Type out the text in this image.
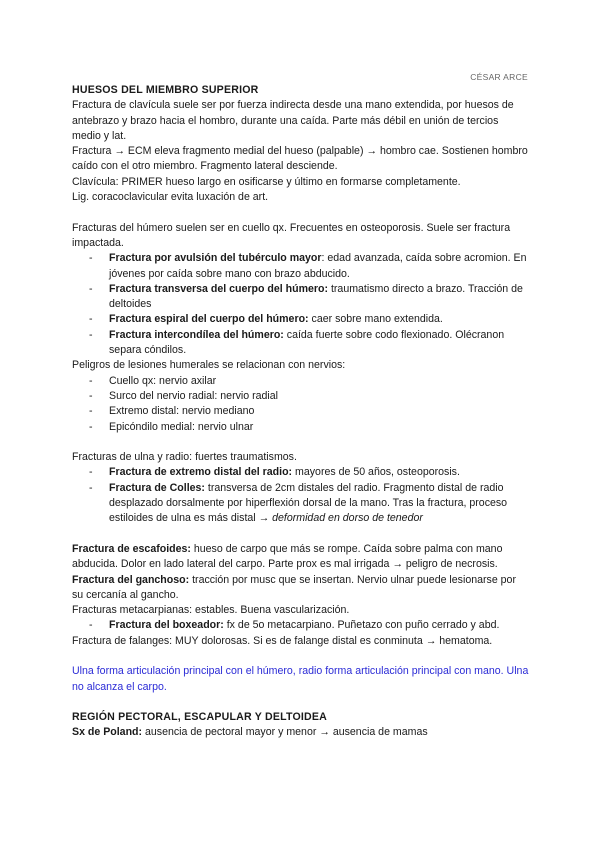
CÉSAR ARCE

HUESOS DEL MIEMBRO SUPERIOR

Fractura de clavícula suele ser por fuerza indirecta desde una mano extendida, por huesos de antebrazo y brazo hacia el hombro, durante una caída. Parte más débil en unión de tercios medio y lat.

Fractura → ECM eleva fragmento medial del hueso (palpable) → hombro cae. Sostienen hombro caído con el otro miembro. Fragmento lateral desciende.

Clavícula: PRIMER hueso largo en osificarse y último en formarse completamente.

Lig. coracoclavicular evita luxación de art.

Fracturas del húmero suelen ser en cuello qx. Frecuentes en osteoporosis. Suele ser fractura impactada.

- Fractura por avulsión del tubérculo mayor: edad avanzada, caída sobre acromion. En jóvenes por caída sobre mano con brazo abducido.
- Fractura transversa del cuerpo del húmero: traumatismo directo a brazo. Tracción de deltoides
- Fractura espiral del cuerpo del húmero: caer sobre mano extendida.
- Fractura intercondílea del húmero: caída fuerte sobre codo flexionado. Olécranon separa cóndilos.

Peligros de lesiones humerales se relacionan con nervios:

- Cuello qx: nervio axilar
- Surco del nervio radial: nervio radial
- Extremo distal: nervio mediano
- Epicóndilo medial: nervio ulnar

Fracturas de ulna y radio: fuertes traumatismos.

- Fractura de extremo distal del radio: mayores de 50 años, osteoporosis.
- Fractura de Colles: transversa de 2cm distales del radio. Fragmento distal de radio desplazado dorsalmente por hiperflexión dorsal de la mano. Tras la fractura, proceso estiloides de ulna es más distal → deformidad en dorso de tenedor

Fractura de escafoides: hueso de carpo que más se rompe. Caída sobre palma con mano abducida. Dolor en lado lateral del carpo. Parte prox es mal irrigada → peligro de necrosis.

Fractura del ganchoso: tracción por musc que se insertan. Nervio ulnar puede lesionarse por su cercanía al gancho.

Fracturas metacarpianas: estables. Buena vascularización.

- Fractura del boxeador: fx de 5o metacarpiano. Puñetazo con puño cerrado y abd.

Fractura de falanges: MUY dolorosas. Si es de falange distal es conminuta → hematoma.

Ulna forma articulación principal con el húmero, radio forma articulación principal con mano. Ulna no alcanza el carpo.

REGIÓN PECTORAL, ESCAPULAR Y DELTOIDEA

Sx de Poland: ausencia de pectoral mayor y menor → ausencia de mamas
